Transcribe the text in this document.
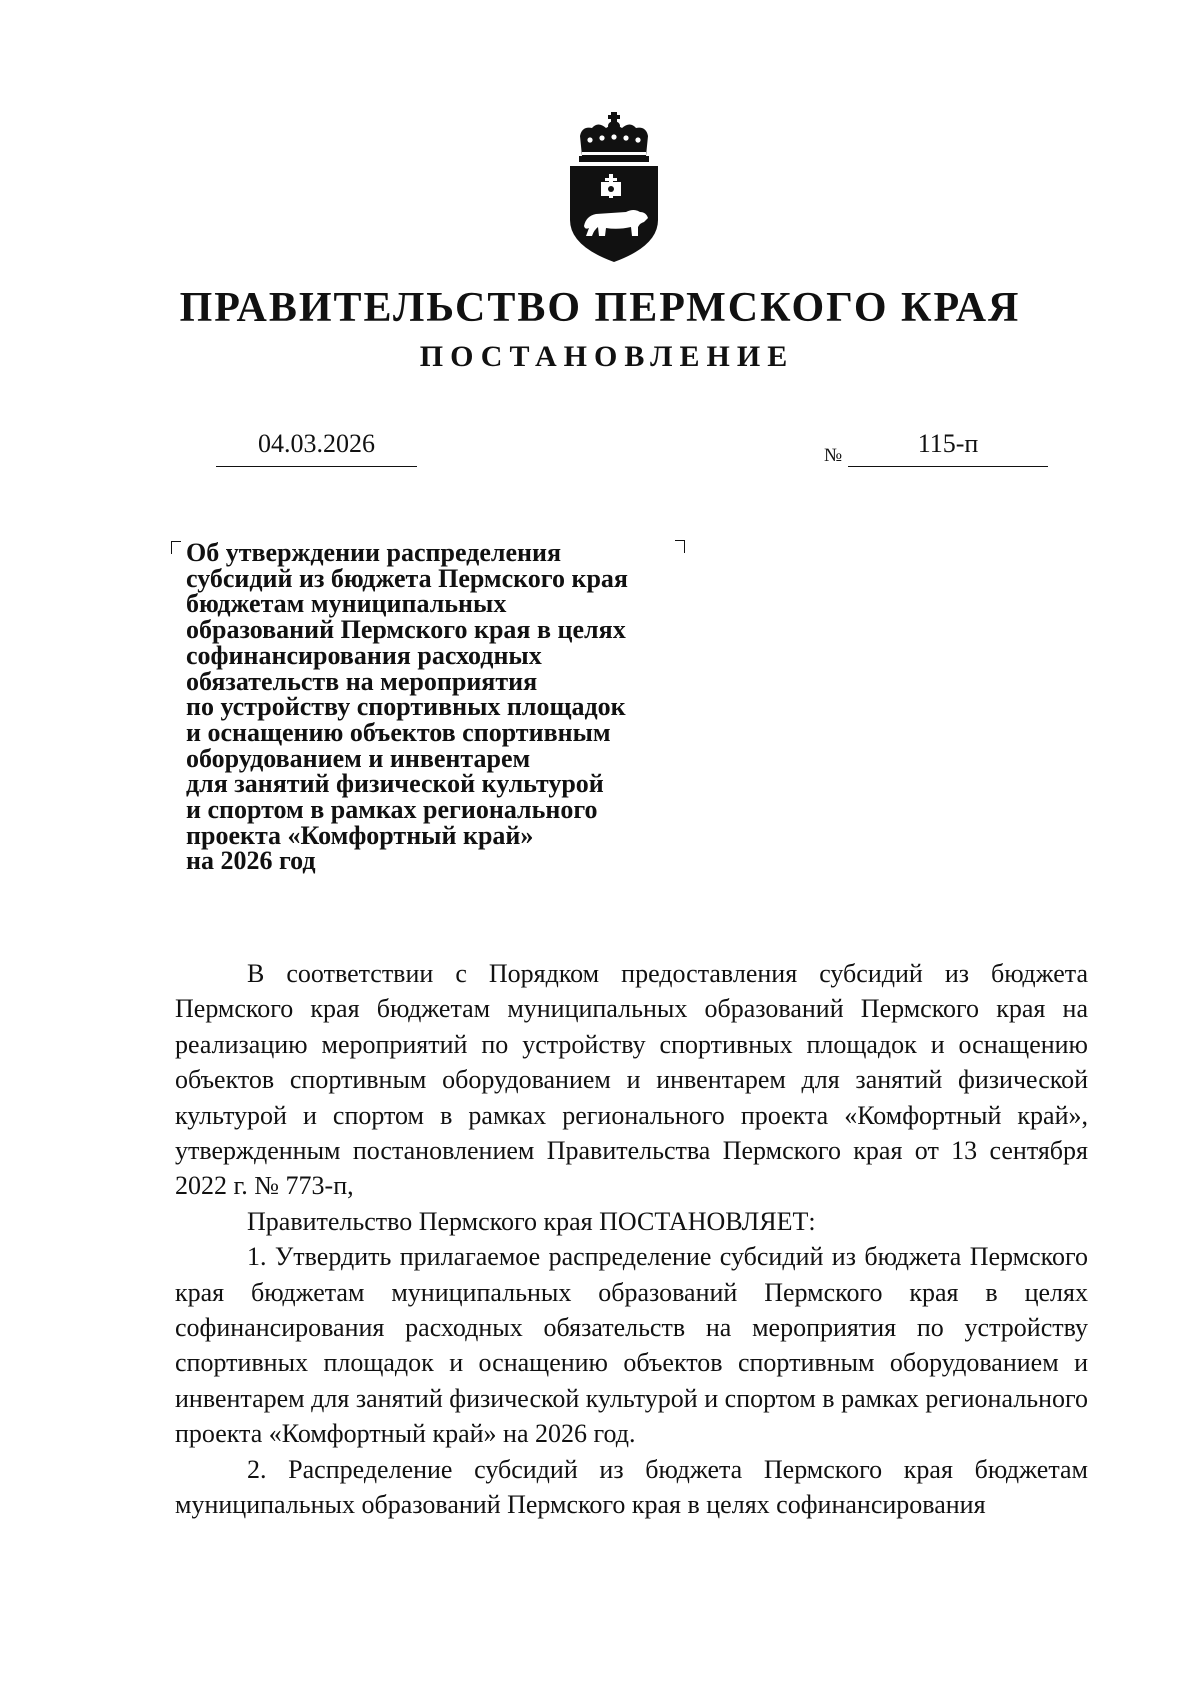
ПРАВИТЕЛЬСТВО ПЕРМСКОГО КРАЯ
ПОСТАНОВЛЕНИЕ
04.03.2026	№	115-п
Об утверждении распределения
субсидий из бюджета Пермского края
бюджетам муниципальных
образований Пермского края в целях
софинансирования расходных
обязательств на мероприятия
по устройству спортивных площадок
и оснащению объектов спортивным
оборудованием и инвентарем
для занятий физической культурой
и спортом в рамках регионального
проекта «Комфортный край»
на 2026 год

В соответствии с Порядком предоставления субсидий из бюджета Пермского края бюджетам муниципальных образований Пермского края на реализацию мероприятий по устройству спортивных площадок и оснащению объектов спортивным оборудованием и инвентарем для занятий физической культурой и спортом в рамках регионального проекта «Комфортный край», утвержденным постановлением Правительства Пермского края от 13 сентября 2022 г. № 773-п,

Правительство Пермского края ПОСТАНОВЛЯЕТ:

1. Утвердить прилагаемое распределение субсидий из бюджета Пермского края бюджетам муниципальных образований Пермского края в целях софинансирования расходных обязательств на мероприятия по устройству спортивных площадок и оснащению объектов спортивным оборудованием и инвентарем для занятий физической культурой и спортом в рамках регионального проекта «Комфортный край» на 2026 год.

2. Распределение субсидий из бюджета Пермского края бюджетам муниципальных образований Пермского края в целях софинансирования
